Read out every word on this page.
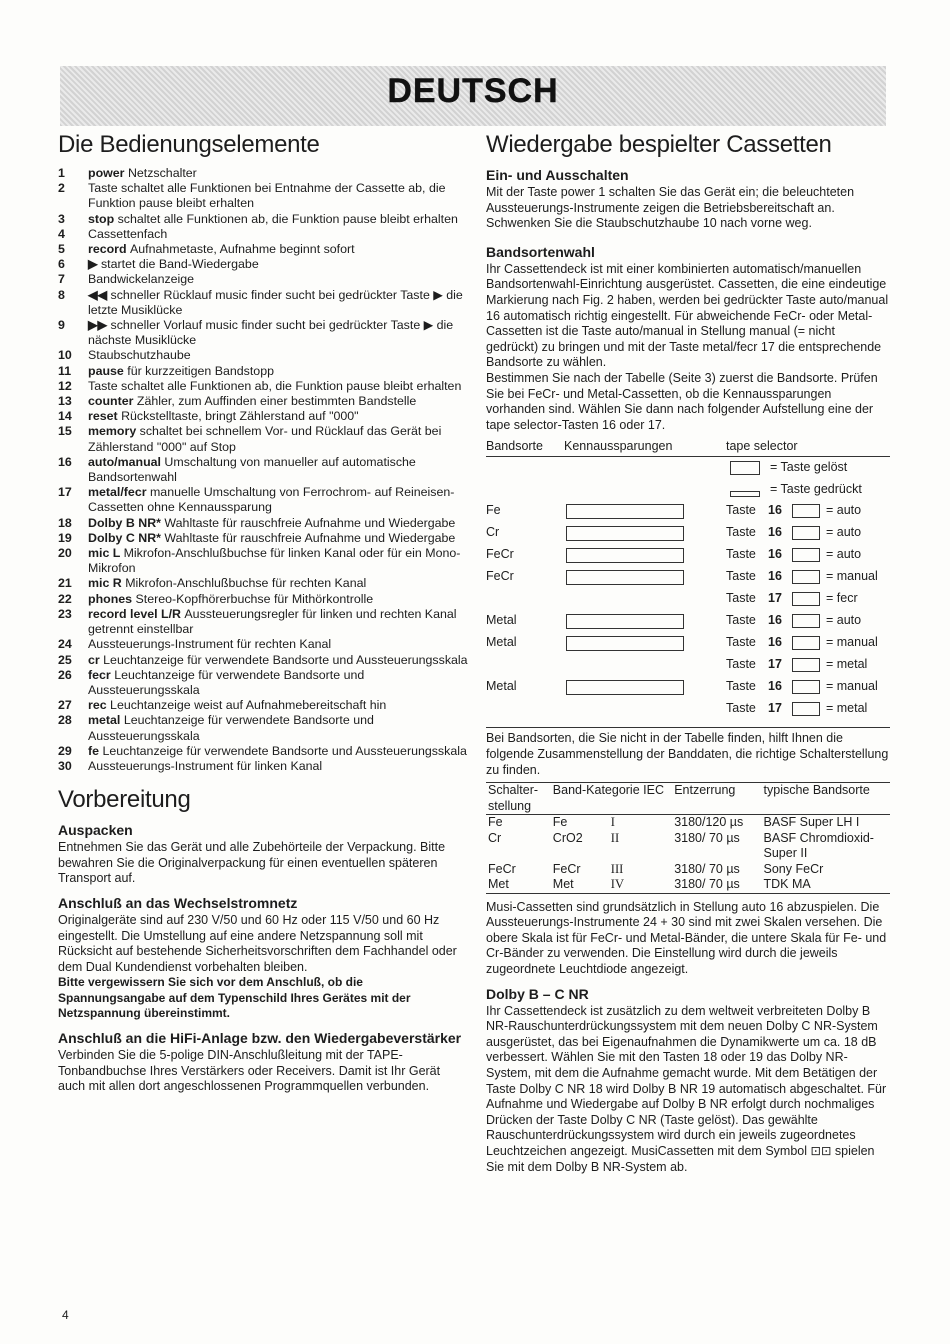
DEUTSCH
Die Bedienungselemente
1	power Netzschalter
2	Taste schaltet alle Funktionen bei Entnahme der Cassette ab, die Funktion pause bleibt erhalten
3	stop schaltet alle Funktionen ab, die Funktion pause bleibt erhalten
4	Cassettenfach
5	record Aufnahmetaste, Aufnahme beginnt sofort
6	▶ startet die Band-Wiedergabe
7	Bandwickelanzeige
8	◀◀ schneller Rücklauf music finder sucht bei gedrückter Taste ▶ die letzte Musiklücke
9	▶▶ schneller Vorlauf music finder sucht bei gedrückter Taste ▶ die nächste Musiklücke
10	Staubschutzhaube
11	pause für kurzzeitigen Bandstopp
12	Taste schaltet alle Funktionen ab, die Funktion pause bleibt erhalten
13	counter Zähler, zum Auffinden einer bestimmten Bandstelle
14	reset Rückstelltaste, bringt Zählerstand auf "000"
15	memory schaltet bei schnellem Vor- und Rücklauf das Gerät bei Zählerstand "000" auf Stop
16	auto/manual Umschaltung von manueller auf automatische Bandsortenwahl
17	metal/fecr manuelle Umschaltung von Ferrochrom- auf Reineisen-Cassetten ohne Kennaussparung
18	Dolby B NR* Wahltaste für rauschfreie Aufnahme und Wiedergabe
19	Dolby C NR* Wahltaste für rauschfreie Aufnahme und Wiedergabe
20	mic L Mikrofon-Anschlußbuchse für linken Kanal oder für ein Mono-Mikrofon
21	mic R Mikrofon-Anschlußbuchse für rechten Kanal
22	phones Stereo-Kopfhörerbuchse für Mithörkontrolle
23	record level L/R Aussteuerungsregler für linken und rechten Kanal getrennt einstellbar
24	Aussteuerungs-Instrument für rechten Kanal
25	cr Leuchtanzeige für verwendete Bandsorte und Aussteuerungsskala
26	fecr Leuchtanzeige für verwendete Bandsorte und Aussteuerungsskala
27	rec Leuchtanzeige weist auf Aufnahmebereitschaft hin
28	metal Leuchtanzeige für verwendete Bandsorte und Aussteuerungsskala
29	fe Leuchtanzeige für verwendete Bandsorte und Aussteuerungsskala
30	Aussteuerungs-Instrument für linken Kanal
Vorbereitung
Auspacken

Entnehmen Sie das Gerät und alle Zubehörteile der Verpackung. Bitte bewahren Sie die Originalverpackung für einen eventuellen späteren Transport auf.

Anschluß an das Wechselstromnetz

Originalgeräte sind auf 230 V/50 und 60 Hz oder 115 V/50 und 60 Hz eingestellt. Die Umstellung auf eine andere Netzspannung soll mit Rücksicht auf bestehende Sicherheitsvorschriften dem Fachhandel oder dem Dual Kundendienst vorbehalten bleiben.

Bitte vergewissern Sie sich vor dem Anschluß, ob die Spannungsangabe auf dem Typenschild Ihres Gerätes mit der Netzspannung übereinstimmt.

Anschluß an die HiFi-Anlage bzw. den Wiedergabeverstärker

Verbinden Sie die 5-polige DIN-Anschlußleitung mit der TAPE-Tonbandbuchse Ihres Verstärkers oder Receivers. Damit ist Ihr Gerät auch mit allen dort angeschlossenen Programmquellen verbunden.

Wiedergabe bespielter Cassetten
Ein- und Ausschalten

Mit der Taste power 1 schalten Sie das Gerät ein; die beleuchteten Aussteuerungs-Instrumente zeigen die Betriebsbereitschaft an. Schwenken Sie die Staubschutzhaube 10 nach vorne weg.

Bandsortenwahl

Ihr Cassettendeck ist mit einer kombinierten automatisch/manuellen Bandsortenwahl-Einrichtung ausgerüstet. Cassetten, die eine eindeutige Markierung nach Fig. 2 haben, werden bei gedrückter Taste auto/manual 16 automatisch richtig eingestellt. Für abweichende FeCr- oder Metal-Cassetten ist die Taste auto/manual in Stellung manual (= nicht gedrückt) zu bringen und mit der Taste metal/fecr 17 die entsprechende Bandsorte zu wählen.

Bestimmen Sie nach der Tabelle (Seite 3) zuerst die Bandsorte. Prüfen Sie bei FeCr- und Metal-Cassetten, ob die Kennaussparungen vorhanden sind. Wählen Sie dann nach folgender Aufstellung eine der tape selector-Tasten 16 oder 17.

Bandsorte Kennaussparungen	tape selector
= Taste gelöst
= Taste gedrückt
Fe	Taste 16	= auto
Cr	Taste 16	= auto
FeCr	Taste 16	= auto
FeCr	Taste 16	= manual
Taste 17	= fecr
Metal	Taste 16	= auto
Metal	Taste 16	= manual
Taste 17	= metal
Metal	Taste 16	= manual
Taste 17	= metal

Bei Bandsorten, die Sie nicht in der Tabelle finden, hilft Ihnen die folgende Zusammenstellung der Banddaten, die richtige Schalterstellung zu finden.

Schalter-stellung	Band-Kategorie IEC	Entzerrung	typische Bandsorte
Fe	Fe I	3180/120 µs	BASF Super LH I
Cr	CrO2 II	3180/ 70 µs	BASF Chromdioxid-Super II
FeCr	FeCr III	3180/ 70 µs	Sony FeCr
Met	Met IV	3180/ 70 µs	TDK MA

Musi-Cassetten sind grundsätzlich in Stellung auto 16 abzuspielen. Die Aussteuerungs-Instrumente 24 + 30 sind mit zwei Skalen versehen. Die obere Skala ist für FeCr- und Metal-Bänder, die untere Skala für Fe- und Cr-Bänder zu verwenden. Die Einstellung wird durch die jeweils zugeordnete Leuchtdiode angezeigt.

Dolby B – C NR

Ihr Cassettendeck ist zusätzlich zu dem weltweit verbreiteten Dolby B NR-Rauschunterdrückungssystem mit dem neuen Dolby C NR-System ausgerüstet, das bei Eigenaufnahmen die Dynamikwerte um ca. 18 dB verbessert. Wählen Sie mit den Tasten 18 oder 19 das Dolby NR-System, mit dem die Aufnahme gemacht wurde. Mit dem Betätigen der Taste Dolby C NR 18 wird Dolby B NR 19 automatisch abgeschaltet. Für Aufnahme und Wiedergabe auf Dolby B NR erfolgt durch nochmaliges Drücken der Taste Dolby C NR (Taste gelöst). Das gewählte Rauschunterdrückungssystem wird durch ein jeweils zugeordnetes Leuchtzeichen angezeigt. MusiCassetten mit dem Symbol ⊡⊡ spielen Sie mit dem Dolby B NR-System ab.

4
